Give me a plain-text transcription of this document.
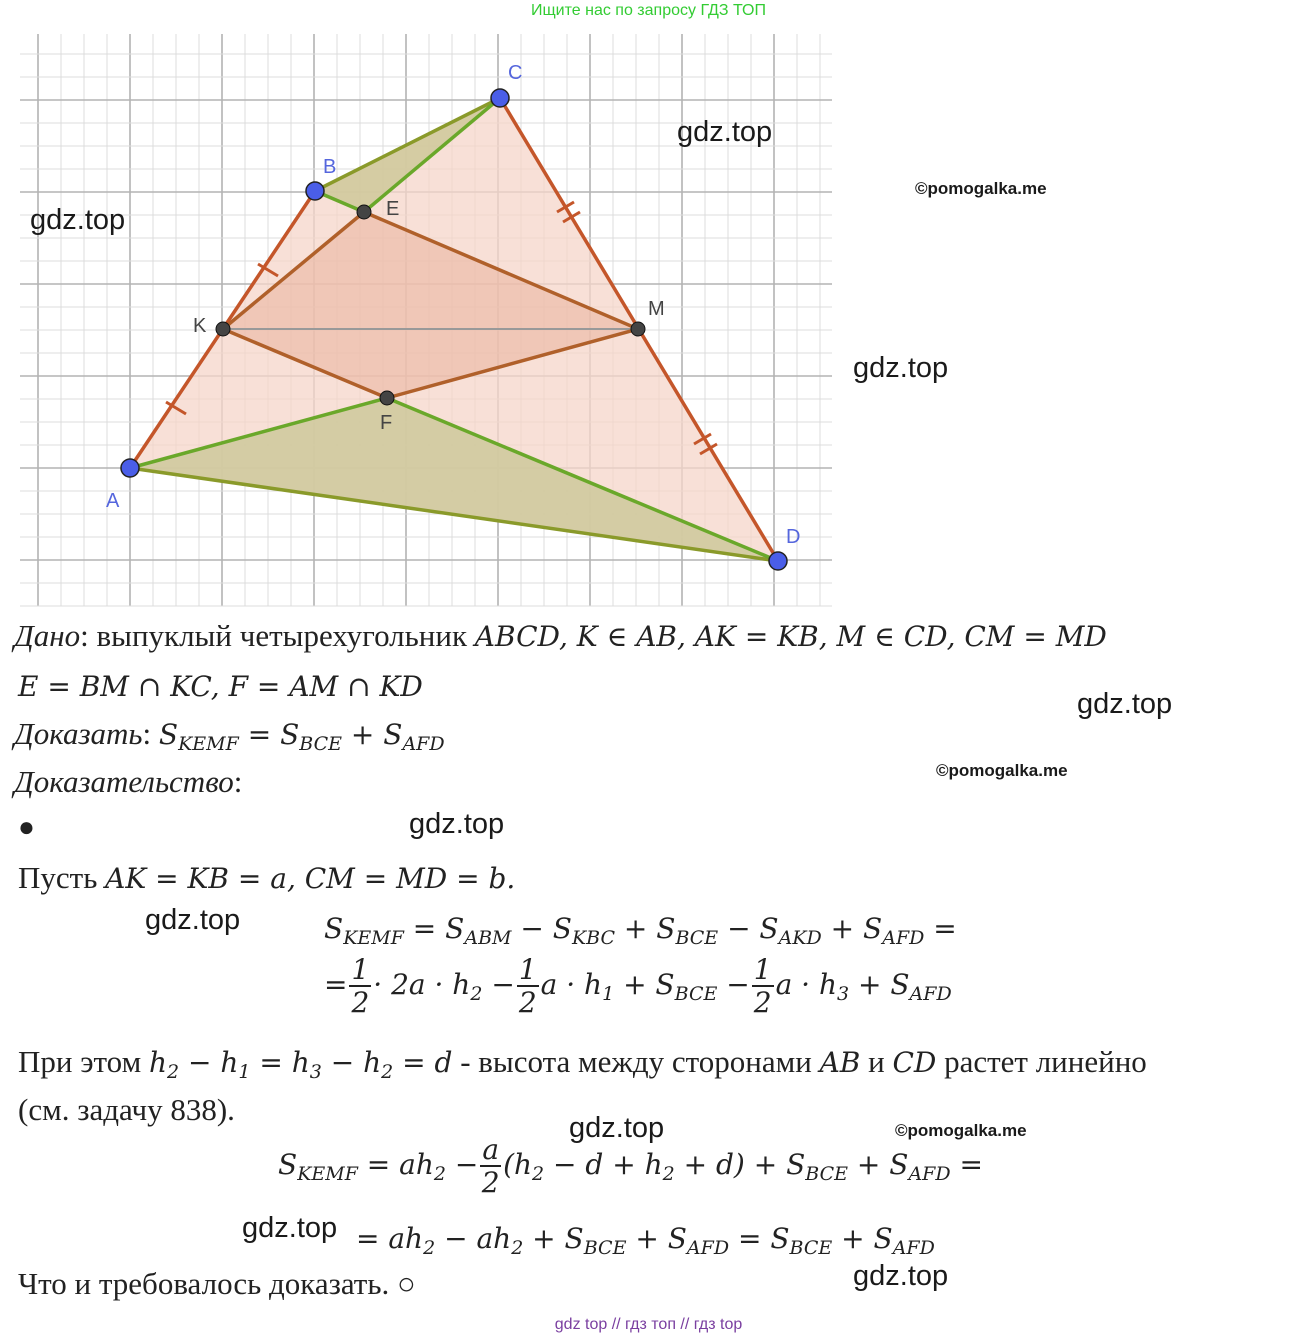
Ищите нас по запросу ГДЗ ТОП
A
B
C
D
K
M
E
F
gdz.top
©pomogalka.me
gdz.top
gdz.top
Дано: выпуклый четырехугольник ABCD, K ∈ AB, AK = KB, M ∈ CD, CM = MD
E = BM ∩ KC, F = AM ∩ KD
gdz.top
Доказать: $S_{KEMF} = S_{BCE} + S_{AFD}$
Доказательство:	©pomogalka.me
●	gdz.top
Пусть AK = KB = a, CM = MD = b.
gdz.top	$S_{KEMF} = S_{ABM} - S_{KBC} + S_{BCE} - S_{AKD} + S_{AFD}$ =
= $\frac{1}{2} \cdot 2a \cdot h_2 - \frac{1}{2}$ $a \cdot h_1 + S_{BCE} - \frac{1}{2}$ $a \cdot h_3 + S_{AFD}$
При этом $h_2 - h_1 = h_3 - h_2 = d$ - высота между сторонами AB и CD растет линейно
(см. задачу 838).
gdz.top	©pomogalka.me
$S_{KEMF} = ah_2 - \frac{a}{2} (h_2 - d + h_2 + d) + S_{BCE} + S_{AFD}$ =
$gdz.top = ah_2 - ah_2 + S_{BCE} + S_{AFD} = S_{BCE} + S_{AFD}$
Что и требовалось доказать. ○	gdz.top
gdz top // гдз топ // гдз top
